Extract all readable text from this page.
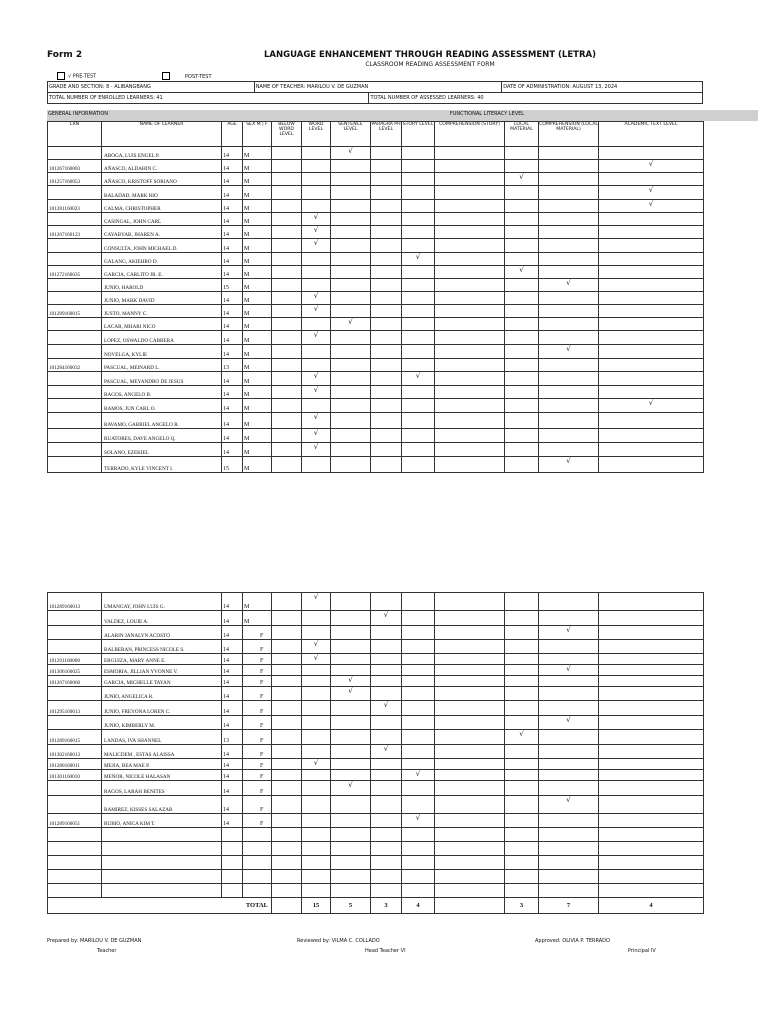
Form 2	LANGUAGE ENHANCEMENT THROUGH READING ASSESSMENT (LETRA)
CLASSROOM READING ASSESSMENT FORM
√ PRE-TEST	POST-TEST
GRADE AND SECTION: 8 - ALIBANGBANG	NAME OF TEACHER: MARILOU V. DE GUZMAN		DATE OF ADMINISTRATION: AUGUST 13, 2024
TOTAL NUMBER OF ENROLLED LEARNERS: 41		TOTAL NUMBER OF ASSESSED LEARNERS: 40	
GENERAL INFORMATION	FUNCTIONAL LITERACY LEVEL
LRN	NAME OF LEARNER	AGE	SEX M | F	BELOW WORD LEVEL	WORD LEVEL	SENTENCE LEVEL	PARAGRA PH LEVEL	STORY LEVEL	COMPREHENSION (STORY)	LOCAL MATERIAL	COMPREHENSION (LOCAL MATERIAL)	ACADEMIC TEXT LEVEL
	ABOGA, LUIS ENGEL P.	14	M			√						
101267160003	AÑASCO, ALDAHIN C.	14	M									√
101257160053	AÑASCO, KRISTOFF SORIANO	14	M							√		
	BALADAD, MARK RIO	14	M									√
101281160023	CALMA, CHRISTOPHER	14	M									√
	CASINGAL, JOHN CARL	14	M		√							
101267160123	CAYABYAB, JHAREN A.	14	M		√							
	CONSULTA, JOHN MICHAEL D.	14	M		√							
	GALANG, AKIEHRO D.	14	M					√				
101272160035	GARCIA, CARLITO JR. E.	14	M							√		
	JUNIO, HAROLD	15	M								√	
	JUNIO, MARK DAVID	14	M		√							
101289160015	JUSTO, MANNY C.	14	M		√							
	LACAR, MHARI NICO	14	M			√						
	LOPEZ, OSWALDO CABRERA	14	M		√							
	NOVELGA, KYLIE	14	M								√	
101284160032	PASCUAL, MEINARD L.	13	M									
	PASCUAL, MEYANDRO DE JESUS	14	M		√			√				
	RAGOS, ANGELO B.	14	M		√							
	RAMOS, JUN CARL O.	14	M									√
	RAVAMO, GABRIEL ANGELO R.	14	M		√							
	RUATORES, DAVE ANGELO Q.	14	M		√							
	SOLANO, EZEKIEL	14	M		√							
	TERRADO, KYLE VINCENT I.	15	M								√	
101289160013	UMANGAY, JOHN LUIS G.	14	M		√							
	VALDEZ, LOUIE A.	14	M				√					
	ALARIN JANALYN ACOSTO	14	F								√	
	BALBERAN, PRINCESS NICOLE S.	14	F		√							
101291160008	ERGUIZA, MARY ANNE E.	14	F		√							
101306160025	ESMORIA, JILLIAN YVONNE V.	14	F								√	
101267160060	GARCIA, MICHELLE TAYAN	14	F			√						
	JUNIO, ANGELICA R.	14	F			√						
101295160013	JUNIO, FREYONA LOREN C.	14	F				√					
	JUNIO, KIMBERLY M.	14	F								√	
101289160015	LANDAS, IVA SHANNEL	13	F							√		
101302160013	MALICDEM , ESTAS ALAISSA	14	F				√					
101280160011	MEJIA, BEA MAE P.	14	F		√							
101301160010	MENOR, NICOLE HALASAN	14	F					√				
	RAGOS, LARAH BENITES	14	F			√						
	RAMIREZ, KISSES SALAZAR	14	F								√	
101289160051	RUBIO, ANICA KIM T.	14	F					√				

TOTAL					15	5	3	4		3	7	4
Prepared by: MARILOU V. DE GUZMAN
Teacher
Reviewed by: VILMA C. COLLADO
Head Teacher VI
Approved: OLIVIA P. TERRADO
Principal IV
